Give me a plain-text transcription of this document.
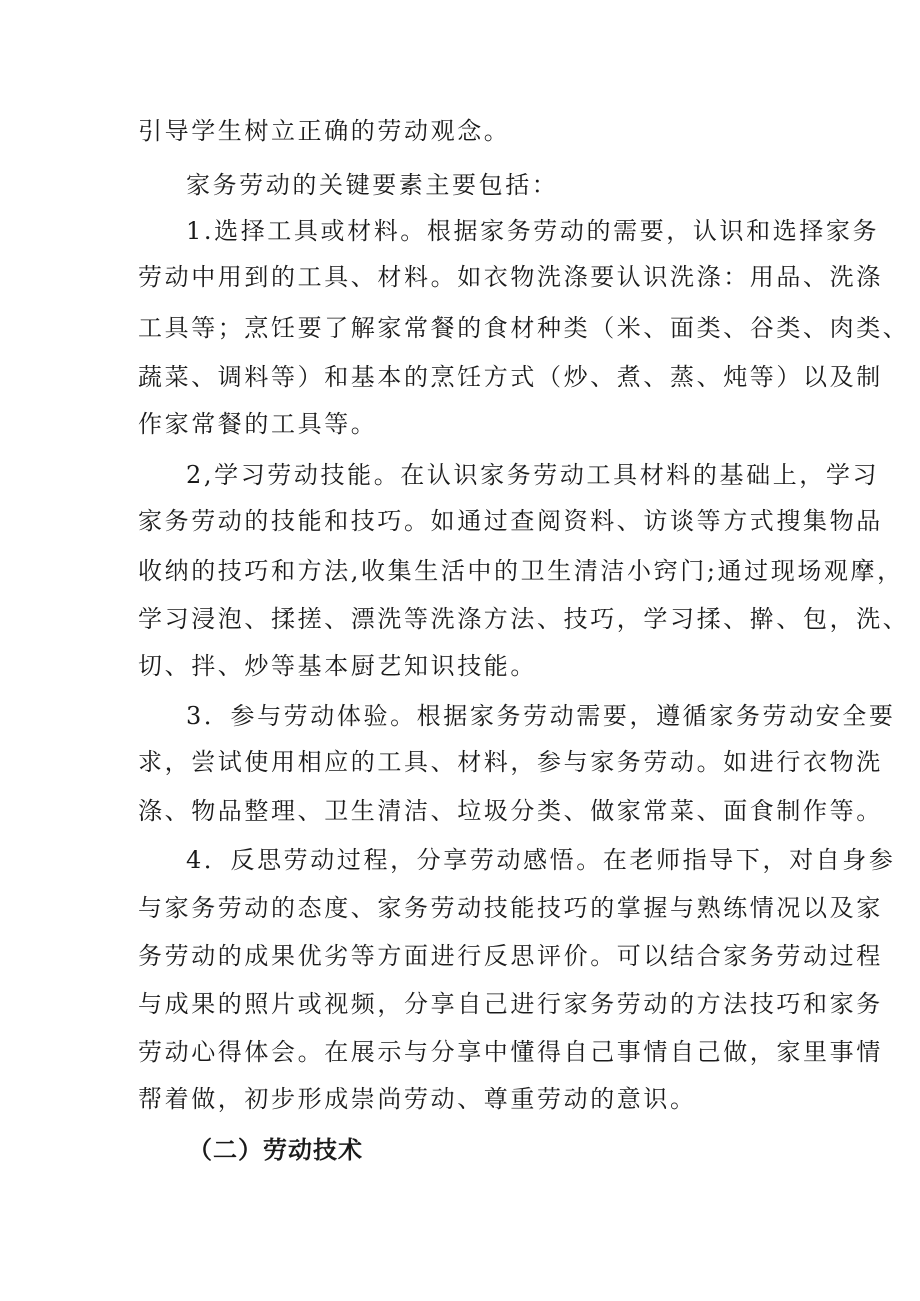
引导学生树立正确的劳动观念。
家务劳动的关键要素主要包括：
1.选择工具或材料。根据家务劳动的需要，认识和选择家务
劳动中用到的工具、材料。如衣物洗涤要认识洗涤：用品、洗涤
工具等；烹饪要了解家常餐的食材种类（米、面类、谷类、肉类、
蔬菜、调料等）和基本的烹饪方式（炒、煮、蒸、炖等）以及制
作家常餐的工具等。
2,学习劳动技能。在认识家务劳动工具材料的基础上，学习
家务劳动的技能和技巧。如通过查阅资料、访谈等方式搜集物品
收纳的技巧和方法,收集生活中的卫生清洁小窍门;通过现场观摩，
学习浸泡、揉搓、漂洗等洗涤方法、技巧，学习揉、擀、包，洗、
切、拌、炒等基本厨艺知识技能。
3．参与劳动体验。根据家务劳动需要，遵循家务劳动安全要
求，尝试使用相应的工具、材料，参与家务劳动。如进行衣物洗
涤、物品整理、卫生清洁、垃圾分类、做家常菜、面食制作等。
4．反思劳动过程，分享劳动感悟。在老师指导下，对自身参
与家务劳动的态度、家务劳动技能技巧的掌握与熟练情况以及家
务劳动的成果优劣等方面进行反思评价。可以结合家务劳动过程
与成果的照片或视频，分享自己进行家务劳动的方法技巧和家务
劳动心得体会。在展示与分享中懂得自己事情自己做，家里事情
帮着做，初步形成崇尚劳动、尊重劳动的意识。
（二）劳动技术
